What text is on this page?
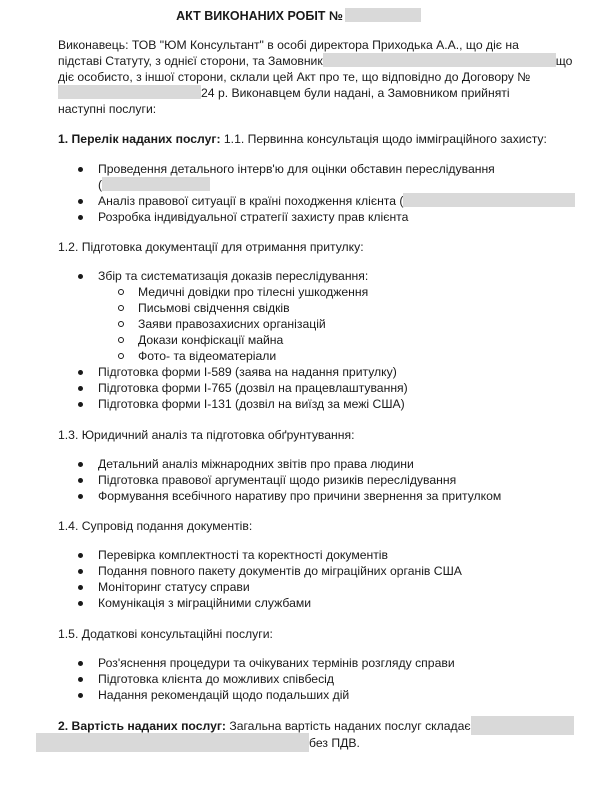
АКТ ВИКОНАНИХ РОБІТ №
Виконавець: ТОВ "ЮМ Консультант" в особі директора Приходька А.А., що діє на
підставі Статуту, з однієї сторони, та Замовник	що
діє особисто, з іншої сторони, склали цей Акт про те, що відповідно до Договору №
24 р. Виконавцем були надані, а Замовником прийняті
наступні послуги:
1. Перелік наданих послуг: 1.1. Первинна консультація щодо імміграційного захисту:
Проведення детального інтерв'ю для оцінки обставин переслідування
(
Аналіз правової ситуації в країні походження клієнта (
Розробка індивідуальної стратегії захисту прав клієнта
1.2. Підготовка документації для отримання притулку:
Збір та систематизація доказів переслідування:
Медичні довідки про тілесні ушкодження
Письмові свідчення свідків
Заяви правозахисних організацій
Докази конфіскації майна
Фото- та відеоматеріали
Підготовка форми I-589 (заява на надання притулку)
Підготовка форми I-765 (дозвіл на працевлаштування)
Підготовка форми I-131 (дозвіл на виїзд за межі США)
1.3. Юридичний аналіз та підготовка обґрунтування:
Детальний аналіз міжнародних звітів про права людини
Підготовка правової аргументації щодо ризиків переслідування
Формування всебічного наративу про причини звернення за притулком
1.4. Супровід подання документів:
Перевірка комплектності та коректності документів
Подання повного пакету документів до міграційних органів США
Моніторинг статусу справи
Комунікація з міграційними службами
1.5. Додаткові консультаційні послуги:
Роз'яснення процедури та очікуваних термінів розгляду справи
Підготовка клієнта до можливих співбесід
Надання рекомендацій щодо подальших дій
2. Вартість наданих послуг: Загальна вартість наданих послуг складає
без ПДВ.
